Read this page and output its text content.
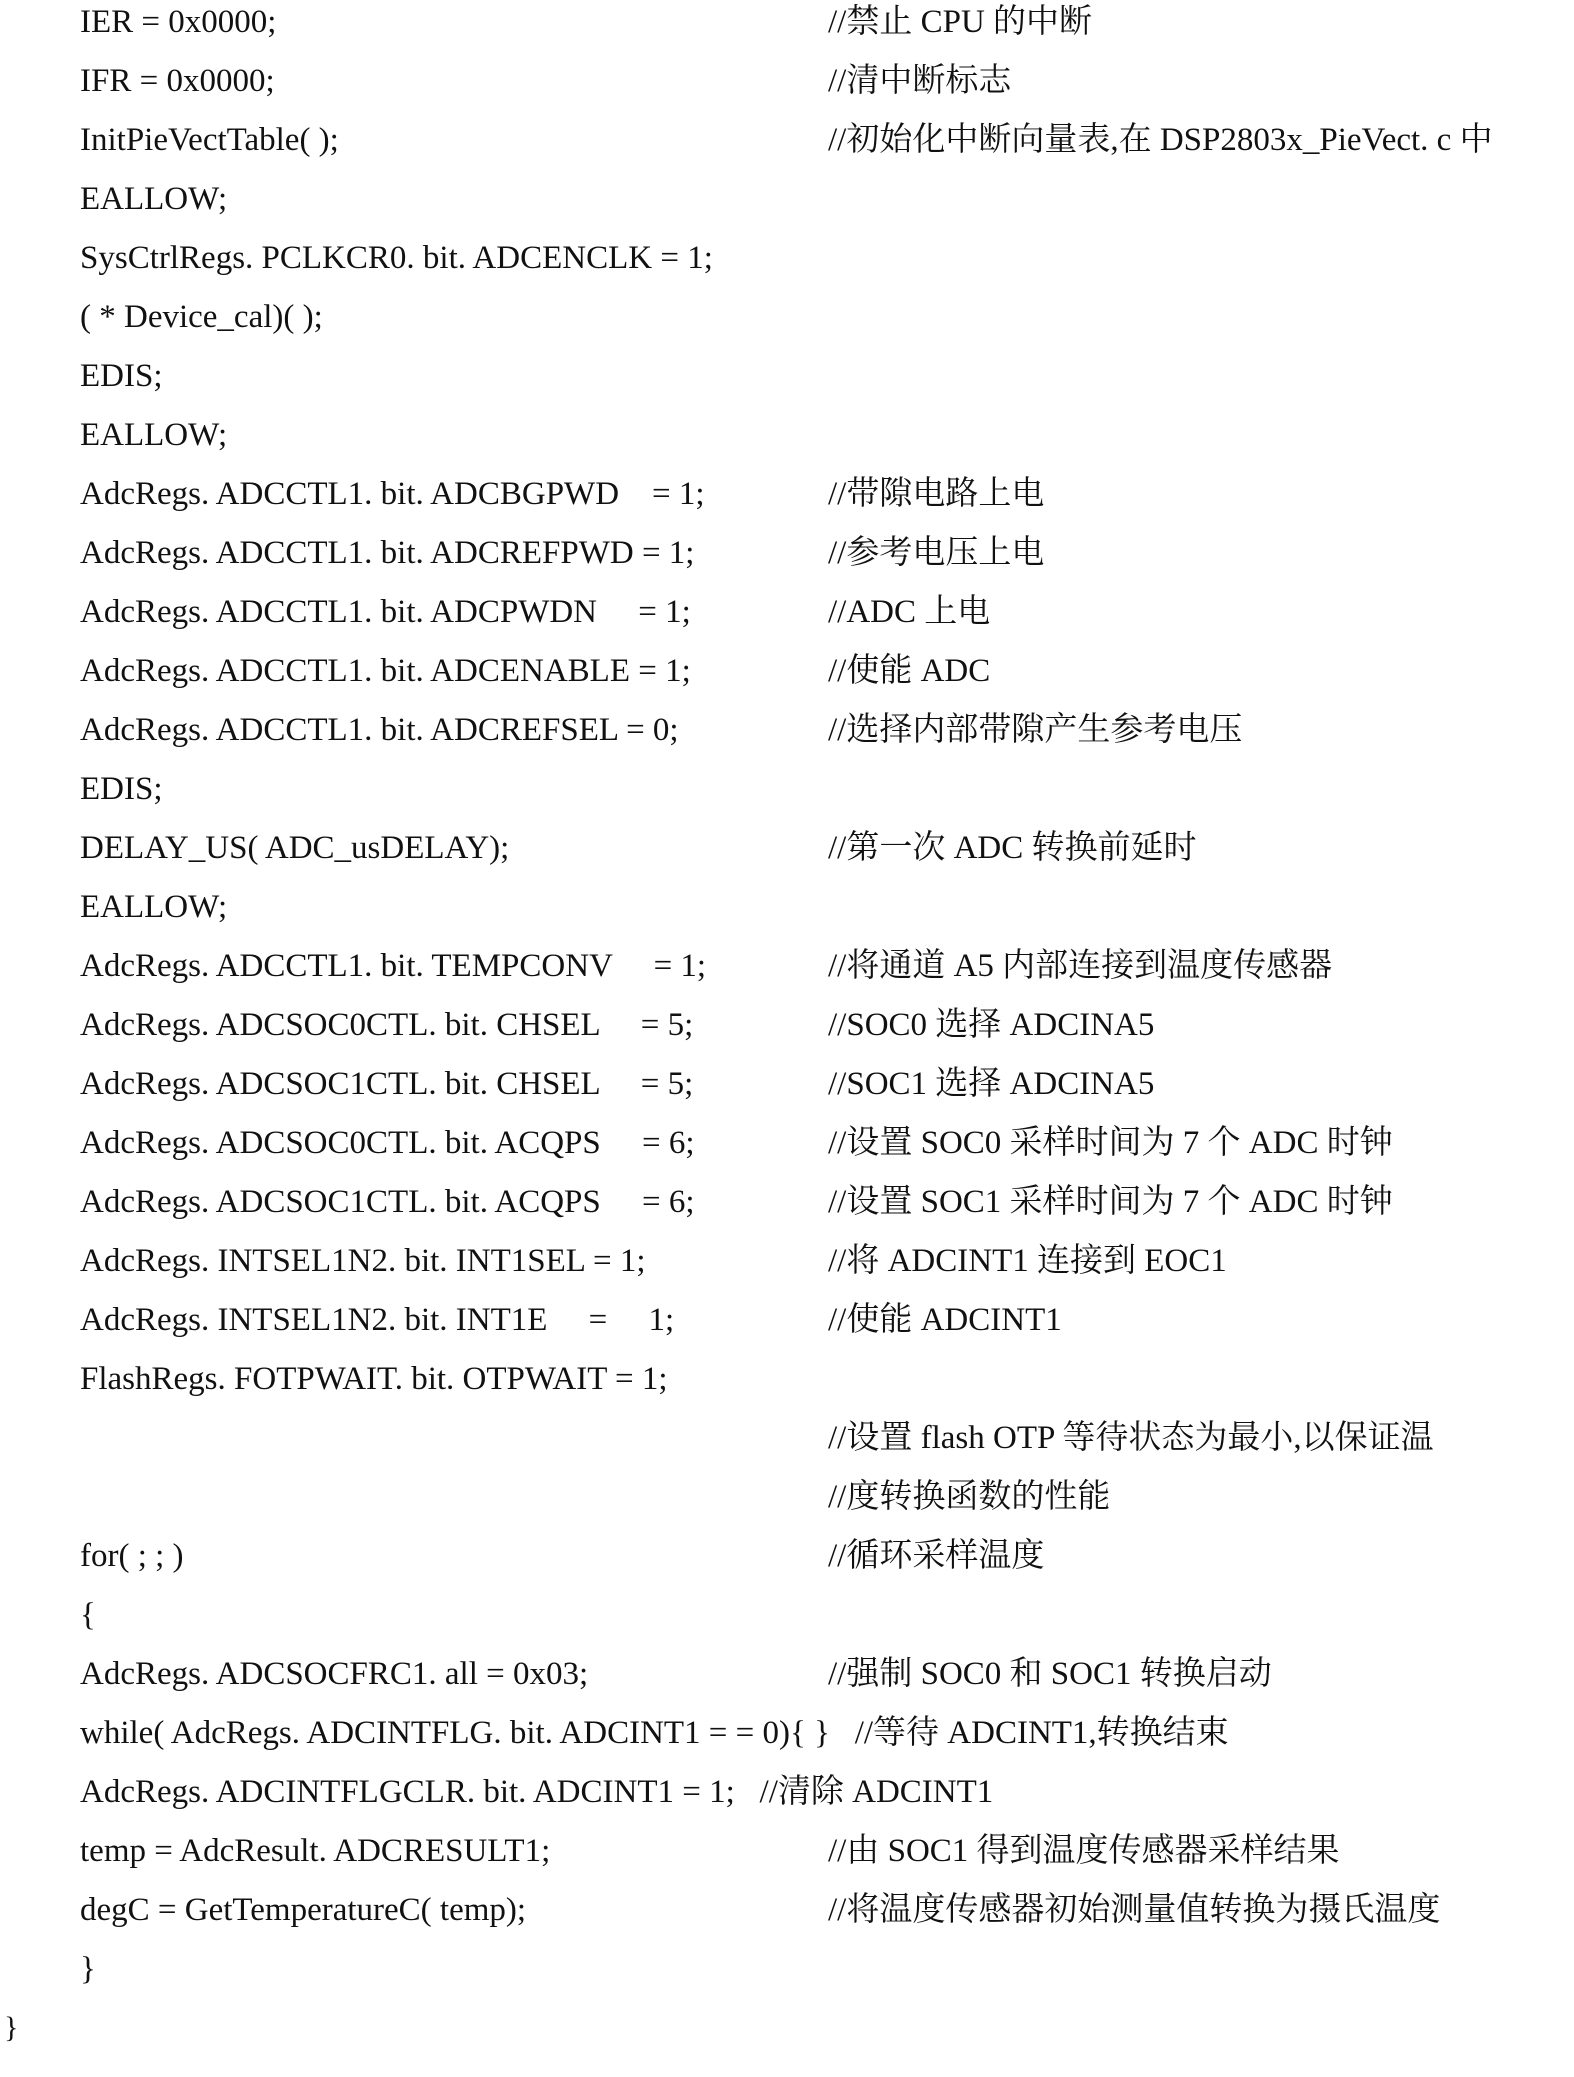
IER = 0x0000;	//禁止 CPU 的中断
IFR = 0x0000;	//清中断标志
InitPieVectTable( );	//初始化中断向量表,在 DSP2803x_PieVect. c 中
EALLOW;
SysCtrlRegs. PCLKCR0. bit. ADCENCLK = 1;
( * Device_cal)( );
EDIS;
EALLOW;
AdcRegs. ADCCTL1. bit. ADCBGPWD    = 1;	//带隙电路上电
AdcRegs. ADCCTL1. bit. ADCREFPWD = 1;	//参考电压上电
AdcRegs. ADCCTL1. bit. ADCPWDN     = 1;	//ADC 上电
AdcRegs. ADCCTL1. bit. ADCENABLE = 1;	//使能 ADC
AdcRegs. ADCCTL1. bit. ADCREFSEL = 0;	//选择内部带隙产生参考电压
EDIS;
DELAY_US( ADC_usDELAY);	//第一次 ADC 转换前延时
EALLOW;
AdcRegs. ADCCTL1. bit. TEMPCONV     = 1;	//将通道 A5 内部连接到温度传感器
AdcRegs. ADCSOC0CTL. bit. CHSEL     = 5;	//SOC0 选择 ADCINA5
AdcRegs. ADCSOC1CTL. bit. CHSEL     = 5;	//SOC1 选择 ADCINA5
AdcRegs. ADCSOC0CTL. bit. ACQPS     = 6;	//设置 SOC0 采样时间为 7 个 ADC 时钟
AdcRegs. ADCSOC1CTL. bit. ACQPS     = 6;	//设置 SOC1 采样时间为 7 个 ADC 时钟
AdcRegs. INTSEL1N2. bit. INT1SEL = 1;	//将 ADCINT1 连接到 EOC1
AdcRegs. INTSEL1N2. bit. INT1E     =     1;	//使能 ADCINT1
FlashRegs. FOTPWAIT. bit. OTPWAIT = 1;
//设置 flash OTP 等待状态为最小,以保证温
//度转换函数的性能
for( ; ; )	//循环采样温度
{
AdcRegs. ADCSOCFRC1. all = 0x03;	//强制 SOC0 和 SOC1 转换启动
while( AdcRegs. ADCINTFLG. bit. ADCINT1 = = 0){ }   //等待 ADCINT1,转换结束
AdcRegs. ADCINTFLGCLR. bit. ADCINT1 = 1;   //清除 ADCINT1
temp = AdcResult. ADCRESULT1;	//由 SOC1 得到温度传感器采样结果
degC = GetTemperatureC( temp);	//将温度传感器初始测量值转换为摄氏温度
}
}
